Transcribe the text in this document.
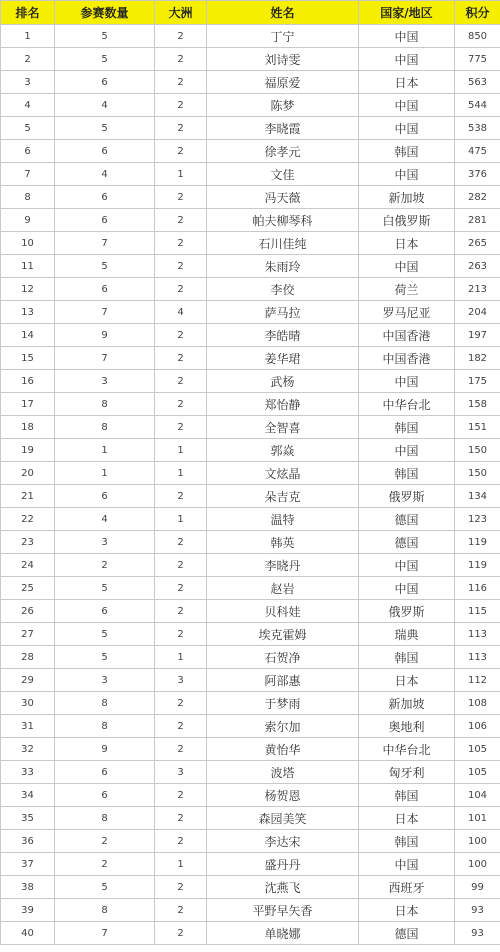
排名	参赛数量	大洲	姓名	国家/地区	积分
1	5	2	丁宁	中国	850
2	5	2	刘诗雯	中国	775
3	6	2	福原爱	日本	563
4	4	2	陈梦	中国	544
5	5	2	李晓霞	中国	538
6	6	2	徐孝元	韩国	475
7	4	1	文佳	中国	376
8	6	2	冯天薇	新加坡	282
9	6	2	帕夫柳琴科	白俄罗斯	281
10	7	2	石川佳纯	日本	265
11	5	2	朱雨玲	中国	263
12	6	2	李佼	荷兰	213
13	7	4	萨马拉	罗马尼亚	204
14	9	2	李皓晴	中国香港	197
15	7	2	姜华珺	中国香港	182
16	3	2	武杨	中国	175
17	8	2	郑怡静	中华台北	158
18	8	2	全智喜	韩国	151
19	1	1	郭焱	中国	150
20	1	1	文炫晶	韩国	150
21	6	2	朵吉克	俄罗斯	134
22	4	1	温特	德国	123
23	3	2	韩英	德国	119
24	2	2	李晓丹	中国	119
25	5	2	赵岩	中国	116
26	6	2	贝科娃	俄罗斯	115
27	5	2	埃克霍姆	瑞典	113
28	5	1	石贺净	韩国	113
29	3	3	阿部惠	日本	112
30	8	2	于梦雨	新加坡	108
31	8	2	索尔加	奥地利	106
32	9	2	黄怡华	中华台北	105
33	6	3	波塔	匈牙利	105
34	6	2	杨贺恩	韩国	104
35	8	2	森园美笑	日本	101
36	2	2	李达宋	韩国	100
37	2	1	盛丹丹	中国	100
38	5	2	沈燕飞	西班牙	99
39	8	2	平野早矢香	日本	93
40	7	2	单晓娜	德国	93
